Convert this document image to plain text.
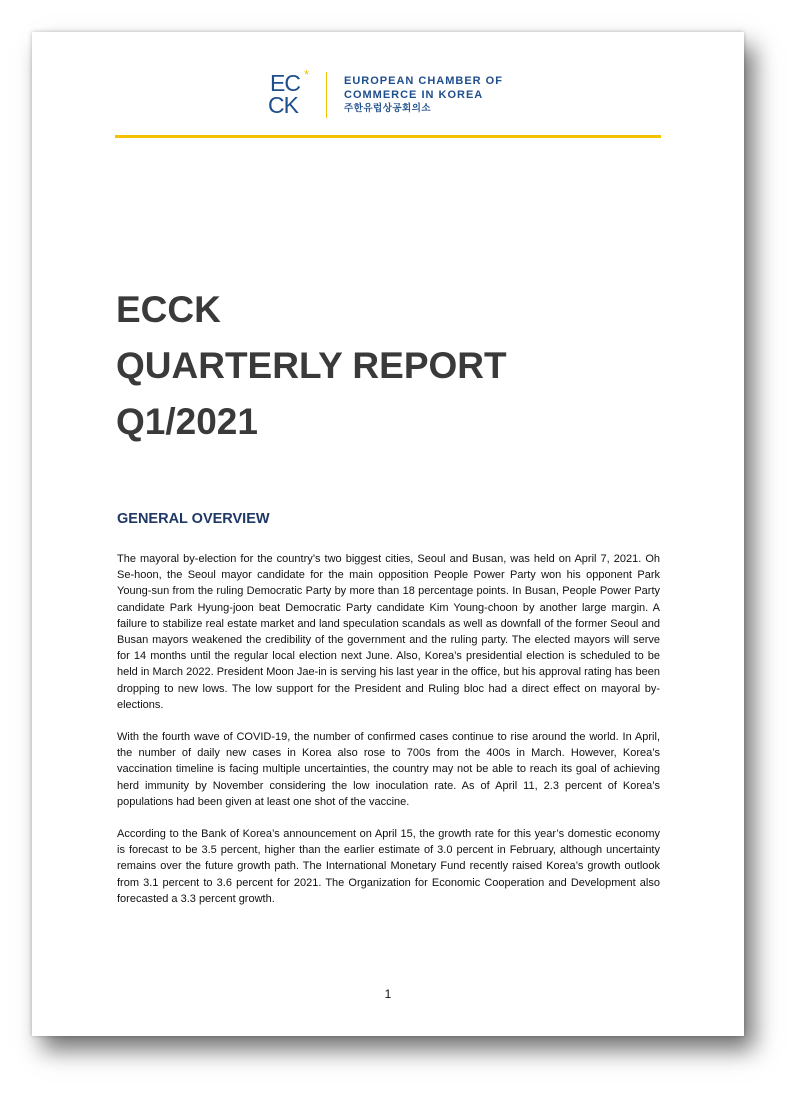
EC
CK
*	EUROPEAN CHAMBER OF
COMMERCE IN KOREA
주한유럽상공회의소
ECCK
QUARTERLY REPORT
Q1/2021
GENERAL OVERVIEW

The mayoral by-election for the country’s two biggest cities, Seoul and Busan, was held on April 7, 2021. Oh Se-hoon, the Seoul mayor candidate for the main opposition People Power Party won his opponent Park Young-sun from the ruling Democratic Party by more than 18 percentage points. In Busan, People Power Party candidate Park Hyung-joon beat Democratic Party candidate Kim Young-choon by another large margin. A failure to stabilize real estate market and land speculation scandals as well as downfall of the former Seoul and Busan mayors weakened the credibility of the government and the ruling party. The elected mayors will serve for 14 months until the regular local election next June. Also, Korea’s presidential election is scheduled to be held in March 2022. President Moon Jae-in is serving his last year in the office, but his approval rating has been dropping to new lows. The low support for the President and Ruling bloc had a direct effect on mayoral by-elections.

With the fourth wave of COVID-19, the number of confirmed cases continue to rise around the world. In April, the number of daily new cases in Korea also rose to 700s from the 400s in March. However, Korea’s vaccination timeline is facing multiple uncertainties, the country may not be able to reach its goal of achieving herd immunity by November considering the low inoculation rate. As of April 11, 2.3 percent of Korea’s populations had been given at least one shot of the vaccine.

According to the Bank of Korea’s announcement on April 15, the growth rate for this year’s domestic economy is forecast to be 3.5 percent, higher than the earlier estimate of 3.0 percent in February, although uncertainty remains over the future growth path. The International Monetary Fund recently raised Korea’s growth outlook from 3.1 percent to 3.6 percent for 2021. The Organization for Economic Cooperation and Development also forecasted a 3.3 percent growth.

1
